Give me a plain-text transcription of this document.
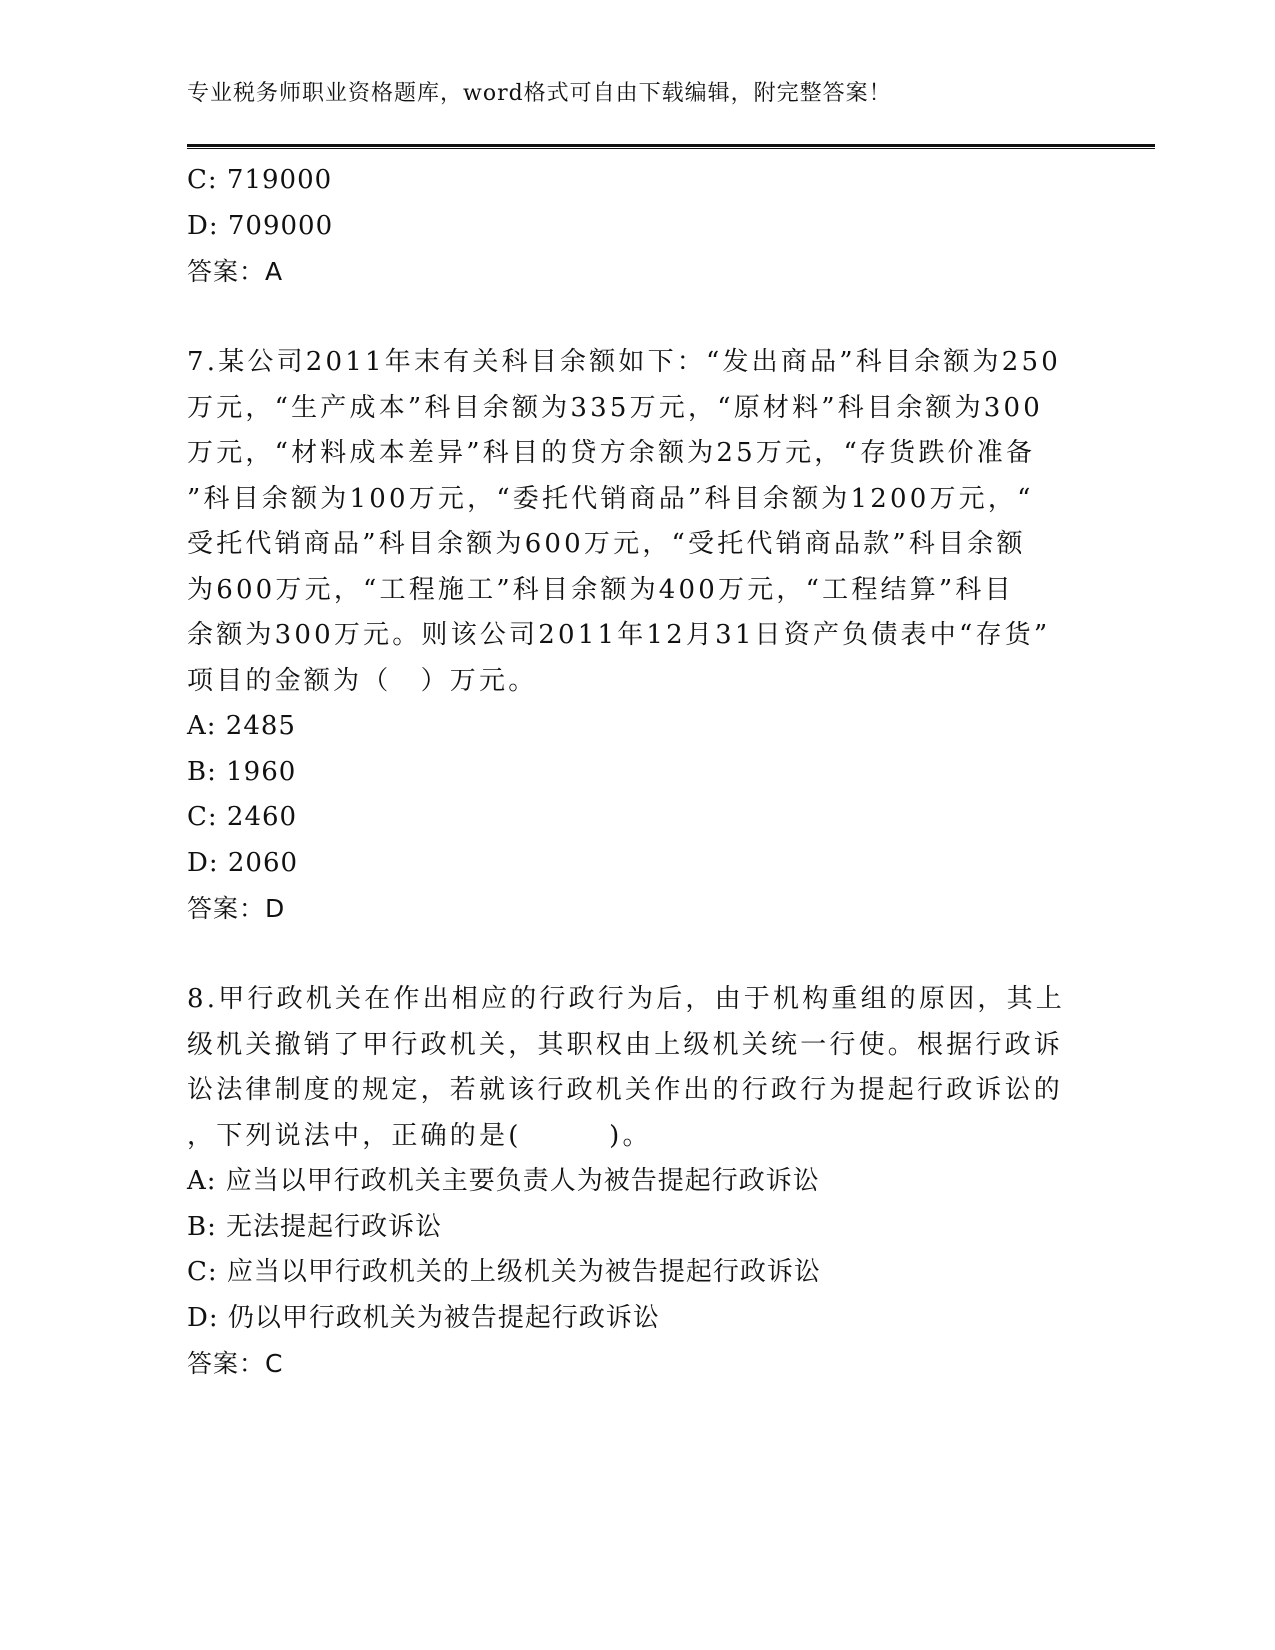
专业税务师职业资格题库，word格式可自由下载编辑，附完整答案！
C: 719000
D: 709000
答案：A
7.某公司2011年末有关科目余额如下：“发出商品”科目余额为250
万元，“生产成本”科目余额为335万元，“原材料”科目余额为300
万元，“材料成本差异”科目的贷方余额为25万元，“存货跌价准备
”科目余额为100万元，“委托代销商品”科目余额为1200万元，“
受托代销商品”科目余额为600万元，“受托代销商品款”科目余额
为600万元，“工程施工”科目余额为400万元，“工程结算”科目
余额为300万元。则该公司2011年12月31日资产负债表中“存货”
项目的金额为（　）万元。
A: 2485
B: 1960
C: 2460
D: 2060
答案：D
8.甲行政机关在作出相应的行政行为后，由于机构重组的原因，其上
级机关撤销了甲行政机关，其职权由上级机关统一行使。根据行政诉
讼法律制度的规定，若就该行政机关作出的行政行为提起行政诉讼的
，下列说法中，正确的是(　　　)。
A: 应当以甲行政机关主要负责人为被告提起行政诉讼
B: 无法提起行政诉讼
C: 应当以甲行政机关的上级机关为被告提起行政诉讼
D: 仍以甲行政机关为被告提起行政诉讼
答案：C
